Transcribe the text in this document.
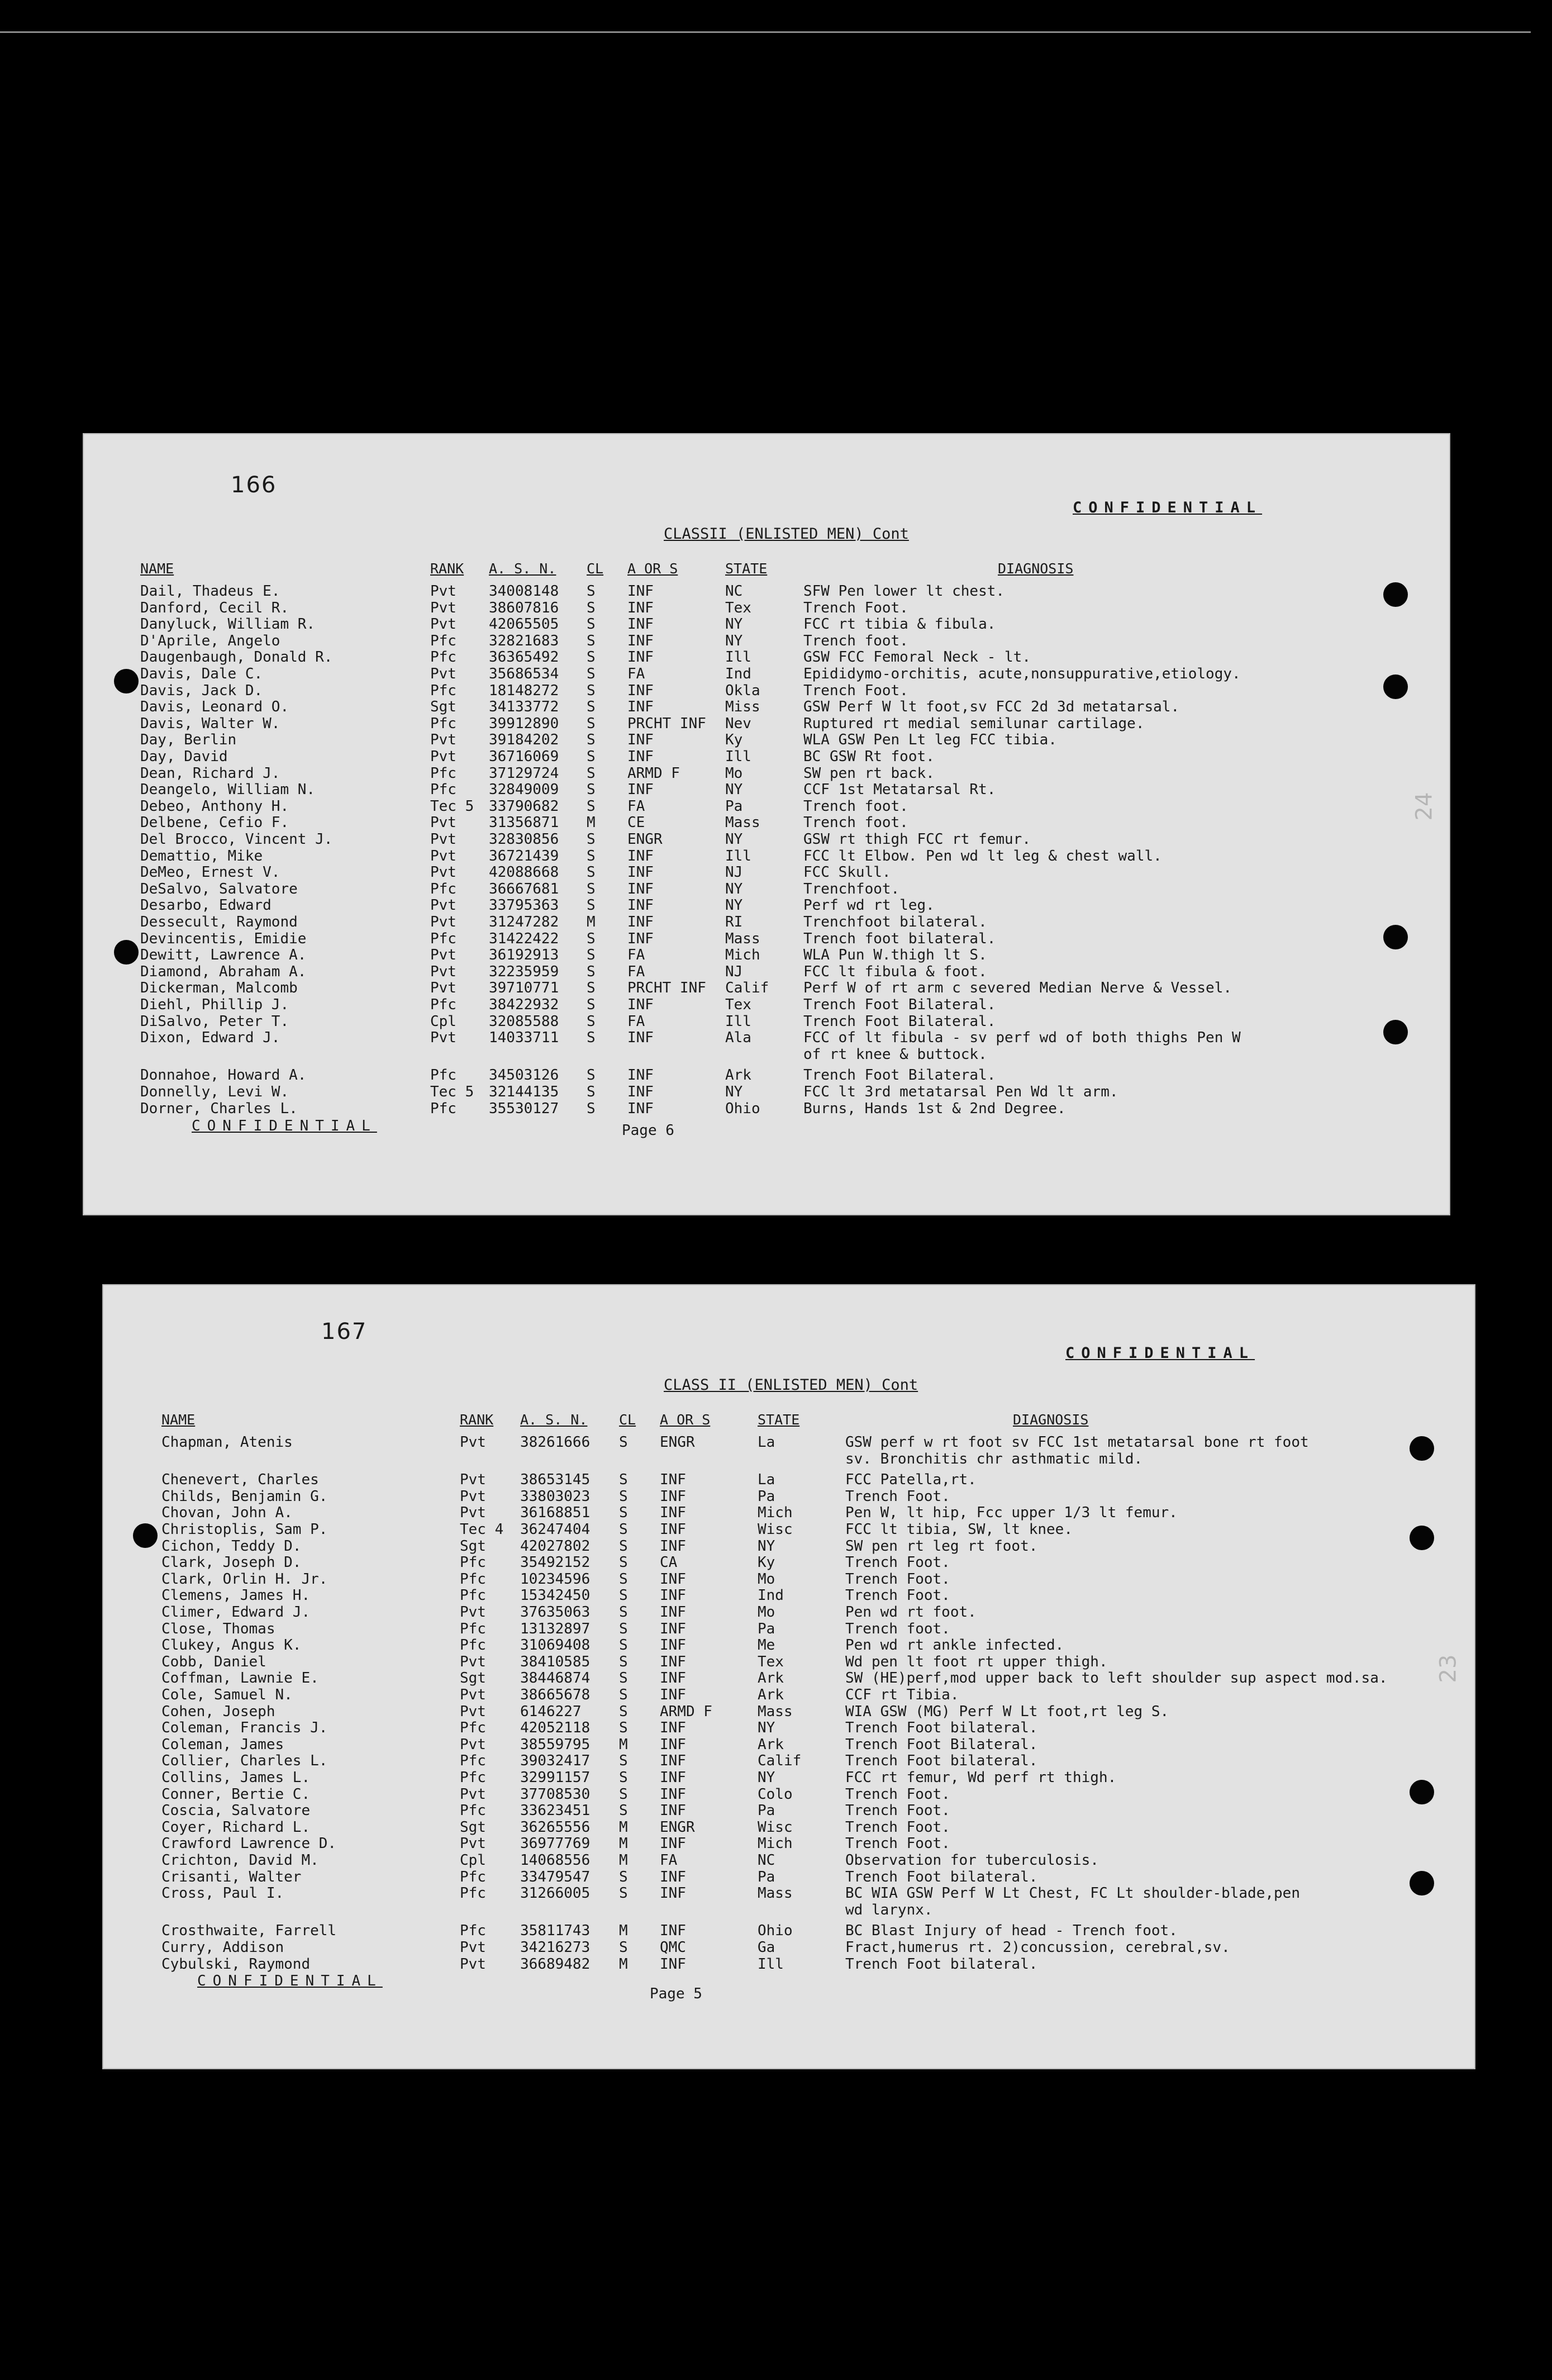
166
CONFIDENTIAL
CLASSII (ENLISTED MEN) Cont
NAME	RANK A. S. N. CL A OR S	STATE	DIAGNOSIS
Dail, Thadeus E.	Pvt 34008148 S INF	NC	SFW Pen lower lt chest.
Danford, Cecil R.	Pvt 38607816 S INF	Tex	Trench Foot.
Danyluck, William R.	Pvt 42065505 S INF	NY	FCC rt tibia & fibula.
D'Aprile, Angelo	Pfc 32821683 S INF	NY	Trench foot.
Daugenbaugh, Donald R.	Pfc 36365492 S INF	Ill	GSW FCC Femoral Neck - lt.
Davis, Dale C.	Pvt 35686534 S FA	Ind	Epididymo-orchitis, acute,nonsuppurative,etiology.
Davis, Jack D.	Pfc 18148272 S INF	Okla	Trench Foot.
Davis, Leonard O.	Sgt 34133772 S INF	Miss	GSW Perf W lt foot,sv FCC 2d 3d metatarsal.
Davis, Walter W.	Pfc 39912890 S PRCHT INF Nev	Ruptured rt medial semilunar cartilage.
Day, Berlin	Pvt 39184202 S INF	Ky	WLA GSW Pen Lt leg FCC tibia.
Day, David	Pvt 36716069 S INF	Ill	BC GSW Rt foot.
Dean, Richard J.	Pfc 37129724 S ARMD F	Mo	SW pen rt back.
Deangelo, William N.	Pfc 32849009 S INF	NY	CCF 1st Metatarsal Rt.
Debeo, Anthony H.	Tec 5 33790682 S FA	Pa	Trench foot.
Delbene, Cefio F.	Pvt 31356871 M CE	Mass	Trench foot.
Del Brocco, Vincent J.	Pvt 32830856 S ENGR	NY	GSW rt thigh FCC rt femur.
Demattio, Mike	Pvt 36721439 S INF	Ill	FCC lt Elbow. Pen wd lt leg & chest wall.
DeMeo, Ernest V.	Pvt 42088668 S INF	NJ	FCC Skull.
DeSalvo, Salvatore	Pfc 36667681 S INF	NY	Trenchfoot.
Desarbo, Edward	Pvt 33795363 S INF	NY	Perf wd rt leg.
Dessecult, Raymond	Pvt 31247282 M INF	RI	Trenchfoot bilateral.
Devincentis, Emidie	Pfc 31422422 S INF	Mass	Trench foot bilateral.
Dewitt, Lawrence A.	Pvt 36192913 S FA	Mich	WLA Pun W.thigh lt S.
Diamond, Abraham A.	Pvt 32235959 S FA	NJ	FCC lt fibula & foot.
Dickerman, Malcomb	Pvt 39710771 S PRCHT INF Calif Perf W of rt arm c severed Median Nerve & Vessel.
Diehl, Phillip J.	Pfc 38422932 S INF	Tex	Trench Foot Bilateral.
DiSalvo, Peter T.	Cpl 32085588 S FA	Ill	Trench Foot Bilateral.
Dixon, Edward J.	Pvt 14033711 S INF	Ala	FCC of lt fibula - sv perf wd of both thighs Pen W
of rt knee & buttock.
Donnahoe, Howard A.	Pfc 34503126 S INF	Ark	Trench Foot Bilateral.
Donnelly, Levi W.	Tec 5 32144135 S INF	NY	FCC lt 3rd metatarsal Pen Wd lt arm.
Dorner, Charles L.	Pfc 35530127 S INF	Ohio	Burns, Hands 1st & 2nd Degree.
CONFIDENTIAL	Page 6
24
167
CONFIDENTIAL
CLASS II (ENLISTED MEN) Cont
NAME	RANK A. S. N. CL A OR S	STATE	DIAGNOSIS
Chapman, Atenis	Pvt 38261666 S ENGR	La	GSW perf w rt foot sv FCC 1st metatarsal bone rt foot
sv. Bronchitis chr asthmatic mild.
Chenevert, Charles	Pvt 38653145 S INF	La	FCC Patella,rt.
Childs, Benjamin G.	Pvt 33803023 S INF	Pa	Trench Foot.
Chovan, John A.	Pvt 36168851 S INF	Mich	Pen W, lt hip, Fcc upper 1/3 lt femur.
Christoplis, Sam P.	Tec 4 36247404 S INF	Wisc	FCC lt tibia, SW, lt knee.
Cichon, Teddy D.	Sgt 42027802 S INF	NY	SW pen rt leg rt foot.
Clark, Joseph D.	Pfc 35492152 S CA	Ky	Trench Foot.
Clark, Orlin H. Jr.	Pfc 10234596 S INF	Mo	Trench Foot.
Clemens, James H.	Pfc 15342450 S INF	Ind	Trench Foot.
Climer, Edward J.	Pvt 37635063 S INF	Mo	Pen wd rt foot.
Close, Thomas	Pfc 13132897 S INF	Pa	Trench foot.
Clukey, Angus K.	Pfc 31069408 S INF	Me	Pen wd rt ankle infected.
Cobb, Daniel	Pvt 38410585 S INF	Tex	Wd pen lt foot rt upper thigh.
Coffman, Lawnie E.	Sgt 38446874 S INF	Ark	SW (HE)perf,mod upper back to left shoulder sup aspect mod.sa.
Cole, Samuel N.	Pvt 38665678 S INF	Ark	CCF rt Tibia.
Cohen, Joseph	Pvt 6146227	S ARMD F	Mass	WIA GSW (MG) Perf W Lt foot,rt leg S.
Coleman, Francis J.	Pfc 42052118 S INF	NY	Trench Foot bilateral.
Coleman, James	Pvt 38559795 M INF	Ark	Trench Foot Bilateral.
Collier, Charles L.	Pfc 39032417 S INF	Calif	Trench Foot bilateral.
Collins, James L.	Pfc 32991157 S INF	NY	FCC rt femur, Wd perf rt thigh.
Conner, Bertie C.	Pvt 37708530 S INF	Colo	Trench Foot.
Coscia, Salvatore	Pfc 33623451 S INF	Pa	Trench Foot.
Coyer, Richard L.	Sgt 36265556 M ENGR	Wisc	Trench Foot.
Crawford Lawrence D.	Pvt 36977769 M INF	Mich	Trench Foot.
Crichton, David M.	Cpl 14068556 M FA	NC	Observation for tuberculosis.
Crisanti, Walter	Pfc 33479547 S INF	Pa	Trench Foot bilateral.
Cross, Paul I.	Pfc 31266005 S INF	Mass	BC WIA GSW Perf W Lt Chest, FC Lt shoulder-blade,pen
wd larynx.
Crosthwaite, Farrell	Pfc 35811743 M INF	Ohio	BC Blast Injury of head - Trench foot.
Curry, Addison	Pvt 34216273 S QMC	Ga	Fract,humerus rt. 2)concussion, cerebral,sv.
Cybulski, Raymond	Pvt 36689482 M INF	Ill	Trench Foot bilateral.
CONFIDENTIAL
Page 5
23
